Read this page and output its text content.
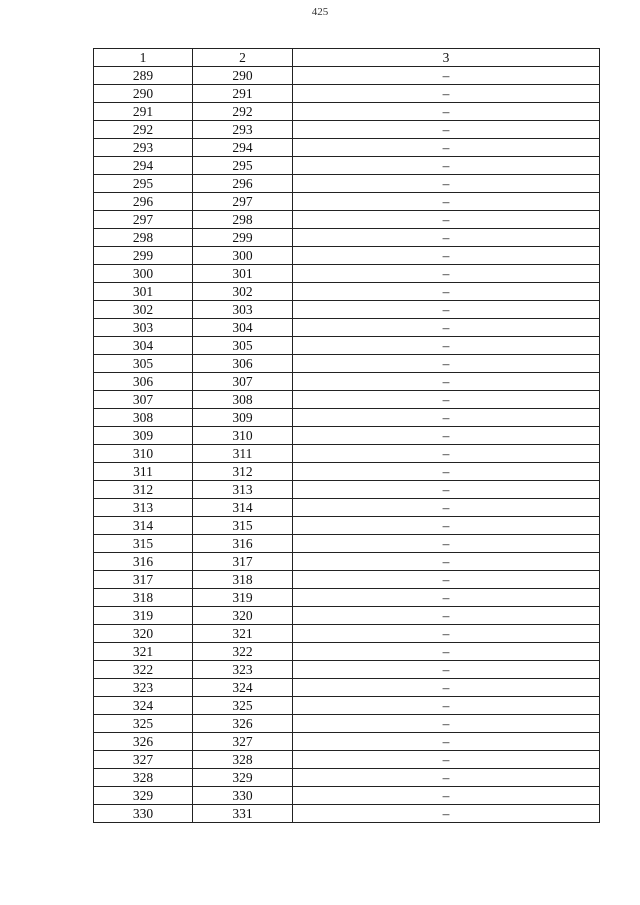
425
1	2	3
289	290	–
290	291	–
291	292	–
292	293	–
293	294	–
294	295	–
295	296	–
296	297	–
297	298	–
298	299	–
299	300	–
300	301	–
301	302	–
302	303	–
303	304	–
304	305	–
305	306	–
306	307	–
307	308	–
308	309	–
309	310	–
310	311	–
311	312	–
312	313	–
313	314	–
314	315	–
315	316	–
316	317	–
317	318	–
318	319	–
319	320	–
320	321	–
321	322	–
322	323	–
323	324	–
324	325	–
325	326	–
326	327	–
327	328	–
328	329	–
329	330	–
330	331	–
